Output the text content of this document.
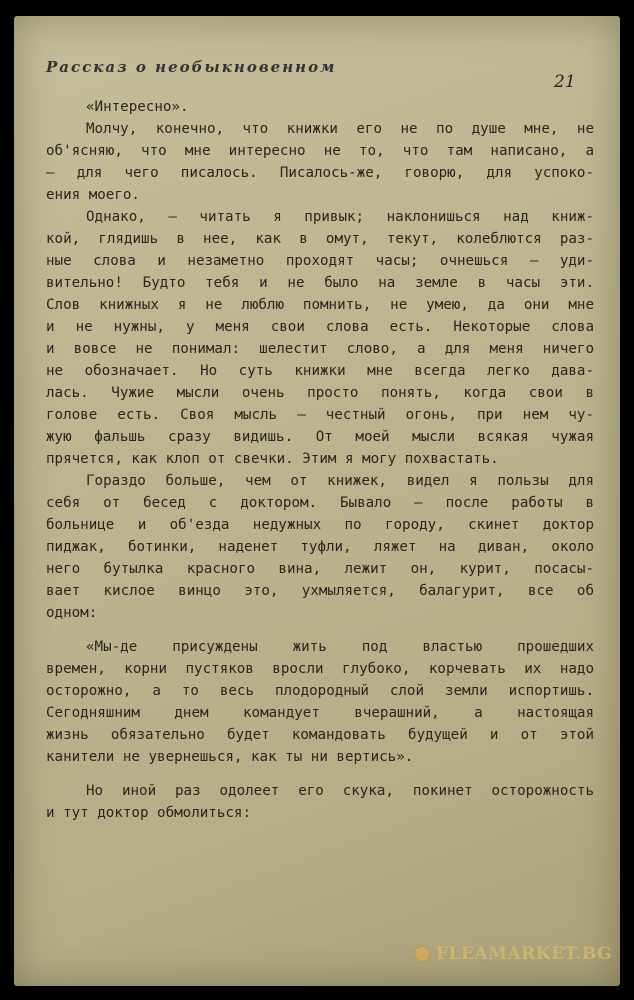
Рассказ о необыкновенном
21
«Интересно».
Молчу, конечно, что книжки его не по душе мне, не
об'ясняю, что мне интересно не то, что там написано, а
– для чего писалось. Писалось-же, говорю, для успоко-
ения моего.
Однако, — читать я привык; наклонишься над книж-
кой, глядишь в нее, как в омут, текут, колеблются раз-
ные слова и незаметно проходят часы; очнешься — уди-
вительно! Будто тебя и не было на земле в часы эти.
Слов книжных я не люблю помнить, не умею, да они мне
и не нужны, у меня свои слова есть. Некоторые слова
и вовсе не понимал: шелестит слово, а для меня ничего
не обозначает. Но суть книжки мне всегда легко дава-
лась. Чужие мысли очень просто понять, когда свои в
голове есть. Своя мысль — честный огонь, при нем чу-
жую фальшь сразу видишь. От моей мысли всякая чужая
прячется, как клоп от свечки. Этим я могу похвастать.
Гораздо больше, чем от книжек, видел я пользы для
себя от бесед с доктором. Бывало — после работы в
больнице и об'езда недужных по городу, скинет доктор
пиджак, ботинки, наденет туфли, ляжет на диван, около
него бутылка красного вина, лежит он, курит, посасы-
вает кислое винцо это, ухмыляется, балагурит, все об
одном:
«Мы-де присуждены жить под властью прошедших
времен, корни пустяков вросли глубоко, корчевать их надо
осторожно, а то весь плодородный слой земли испортишь.
Сегодняшним днем командует вчерашний, а настоящая
жизнь обязательно будет командовать будущей и от этой
канители не увернешься, как ты ни вертись».
Но иной раз одолеет его скука, покинет осторожность
и тут доктор обмолиться:
FLEAMARKET.BG
